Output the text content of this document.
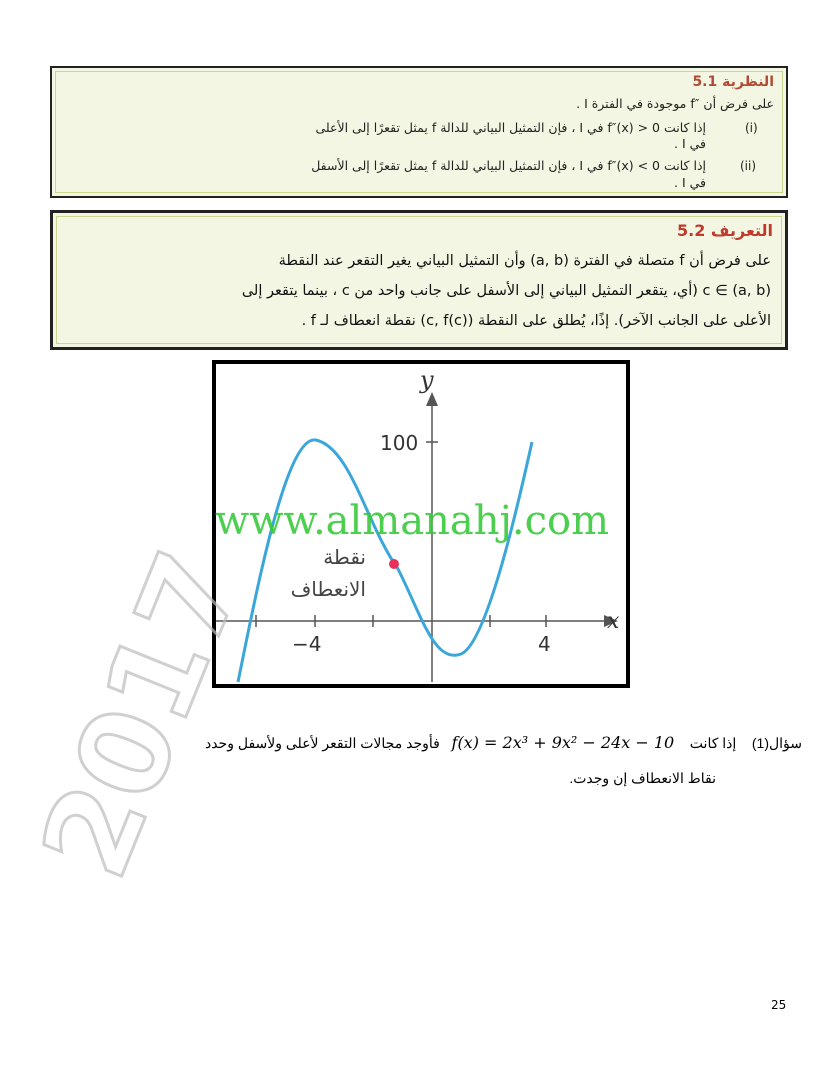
النظرية 5.1
على فرض أن ″f موجودة في الفترة I .
إذا كانت f″(x) > 0 في I ، فإن التمثيل البياني للدالة f يمثل تقعرًا إلى الأعلى
في I .
(i)
إذا كانت f″(x) < 0 في I ، فإن التمثيل البياني للدالة f يمثل تقعرًا إلى الأسفل
في I .
(ii)
التعريف 5.2
على فرض أن f متصلة في الفترة (a, b) وأن التمثيل البياني يغير التقعر عند النقطة
c ∈ (a, b) (أي، يتقعر التمثيل البياني إلى الأسفل على جانب واحد من c ، بينما يتقعر إلى
الأعلى على الجانب الآخر). إذًا، يُطلق على النقطة (c, f(c)) نقطة انعطاف لـ f .
y
x
100
−4	4
نقطة
الانعطاف
2017
www.almanahj.com
سؤال(1)    إذا كانت    f(x) = 2x³ + 9x² − 24x − 10   فأوجد مجالات التقعر لأعلى ولأسفل وحدد
نقاط الانعطاف إن وجدت.
25
